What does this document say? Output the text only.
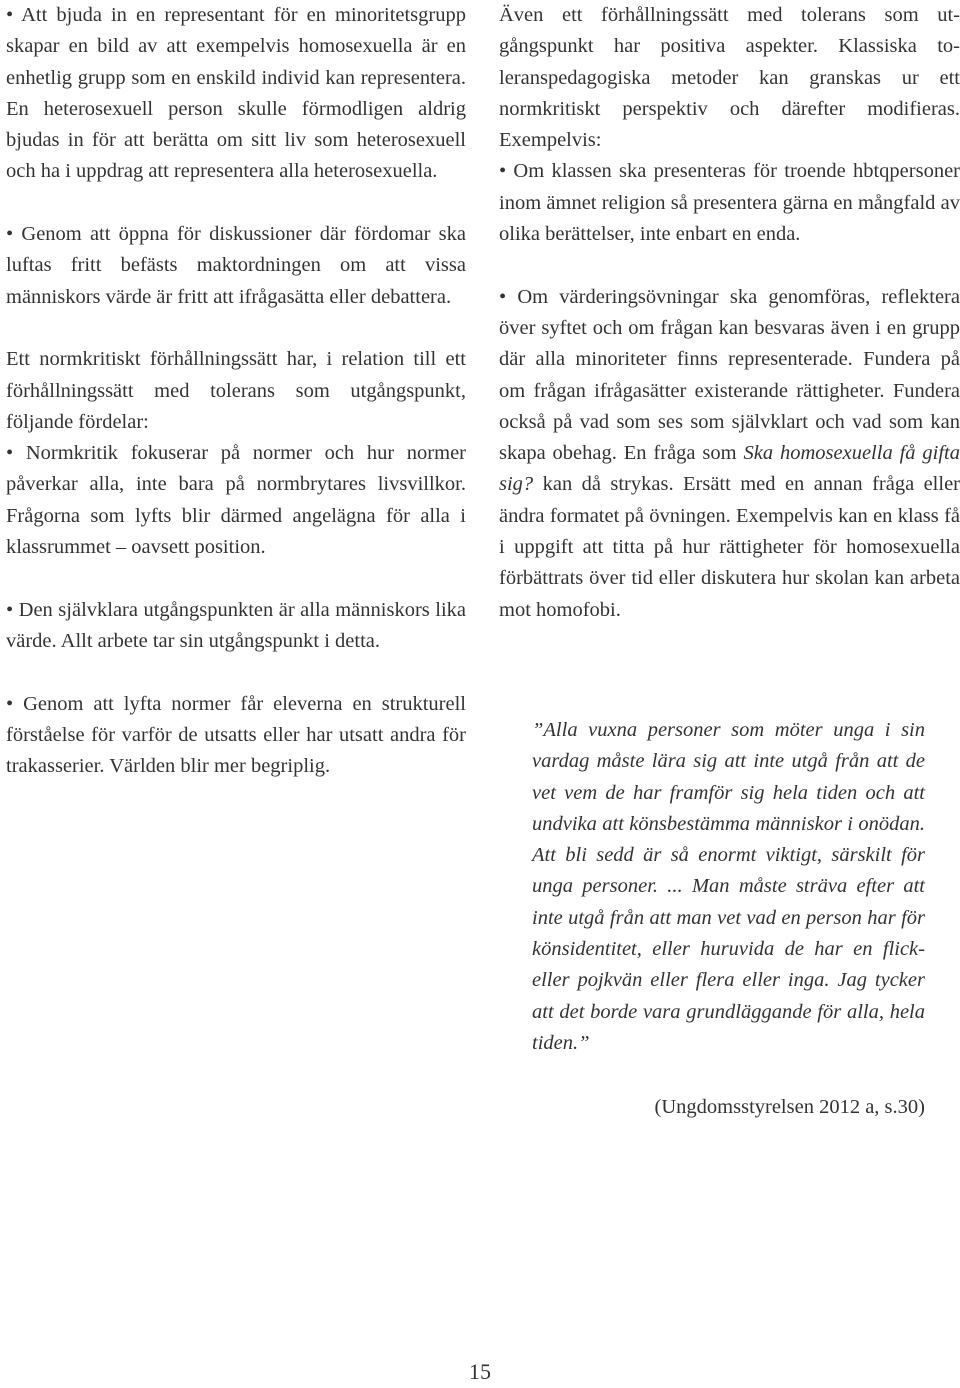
• Att bjuda in en representant för en minoritetsgrupp skapar en bild av att exempelvis homosexuella är en enhetlig grupp som en enskild individ kan representera. En heterosexuell person skulle förmodligen aldrig bjudas in för att berätta om sitt liv som heterosexuell och ha i uppdrag att representera alla heterosexuella.

• Genom att öppna för diskussioner där fördomar ska luftas fritt befästs maktordningen om att vissa människors värde är fritt att ifrågasätta eller debattera.

Ett normkritiskt förhållningssätt har, i relation till ett förhållningssätt med tolerans som utgångspunkt, följande fördelar:

• Normkritik fokuserar på normer och hur normer påverkar alla, inte bara på normbrytares livsvillkor. Frågorna som lyfts blir därmed angelägna för alla i klassrummet – oavsett position.

• Den självklara utgångspunkten är alla människors lika värde. Allt arbete tar sin utgångspunkt i detta.

• Genom att lyfta normer får eleverna en strukturell förståelse för varför de utsatts eller har utsatt andra för trakasserier. Världen blir mer begriplig.

Även ett förhållningssätt med tolerans som utgångspunkt har positiva aspekter. Klassiska toleranspedagogiska metoder kan granskas ur ett normkritiskt perspektiv och därefter modifieras. Exempelvis:

• Om klassen ska presenteras för troende hbtqpersoner inom ämnet religion så presentera gärna en mångfald av olika berättelser, inte enbart en enda.

• Om värderingsövningar ska genomföras, reflektera över syftet och om frågan kan besvaras även i en grupp där alla minoriteter finns representerade. Fundera på om frågan ifrågasätter existerande rättigheter. Fundera också på vad som ses som självklart och vad som kan skapa obehag. En fråga som Ska homosexuella få gifta sig? kan då strykas. Ersätt med en annan fråga eller ändra formatet på övningen. Exempelvis kan en klass få i uppgift att titta på hur rättigheter för homosexuella förbättrats över tid eller diskutera hur skolan kan arbeta mot homofobi.

”Alla vuxna personer som möter unga i sin vardag måste lära sig att inte utgå från att de vet vem de har framför sig hela tiden och att undvika att könsbestämma människor i onödan. Att bli sedd är så enormt viktigt, särskilt för unga personer. ... Man måste sträva efter att inte utgå från att man vet vad en person har för könsidentitet, eller huruvida de har en flick- eller pojkvän eller flera eller inga. Jag tycker att det borde vara grundläggande för alla, hela tiden.”

(Ungdomsstyrelsen 2012 a, s.30)

15
